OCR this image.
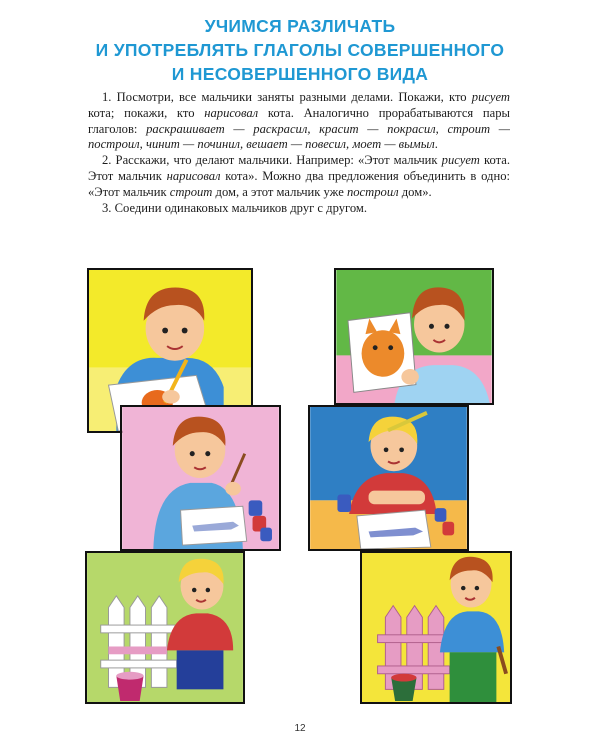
УЧИМСЯ РАЗЛИЧАТЬ
И УПОТРЕБЛЯТЬ ГЛАГОЛЫ СОВЕРШЕННОГО
И НЕСОВЕРШЕННОГО ВИДА

1. Посмотри, все мальчики заняты разными делами. Покажи, кто рисует кота; покажи, кто нарисовал кота. Аналогично прорабатываются пары глаголов: раскрашивает — раскрасил, красит — покрасил, строит — построил, чинит — починил, вешает — повесил, моет — вымыл.

2. Расскажи, что делают мальчики. Например: «Этот мальчик рисует кота. Этот мальчик нарисовал кота». Можно два предложения объединить в одно: «Этот мальчик строит дом, а этот мальчик уже построил дом».

3. Соедини одинаковых мальчиков друг с другом.

12
